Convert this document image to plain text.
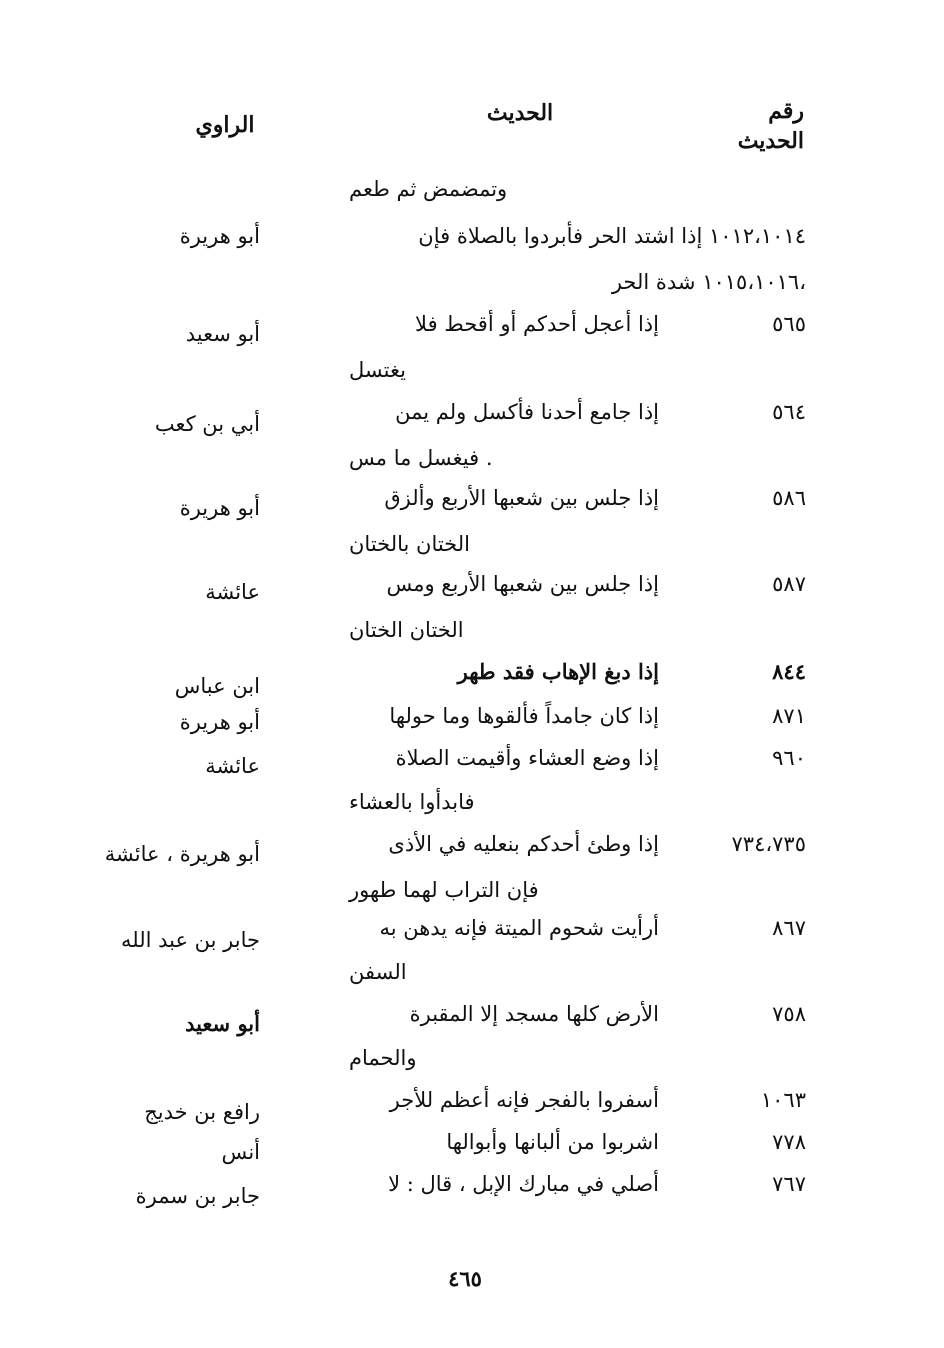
رقم
الحديث
الحديث
الراوي
وتمضمض ثم طعم
١٠١٢،١٠١٤ إذا اشتد الحر فأبردوا بالصلاة فإن
أبو هريرة
،١٠١٥،١٠١٦ شدة الحر
٥٦٥
إذا أعجل أحدكم أو أقحط فلا
يغتسل
أبو سعيد
٥٦٤
إذا جامع أحدنا فأكسل ولم يمن
. فيغسل ما مس
أبي بن كعب
٥٨٦
إذا جلس بين شعبها الأربع وألزق
الختان بالختان
أبو هريرة
٥٨٧
إذا جلس بين شعبها الأربع ومس
الختان الختان
عائشة
٨٤٤
إذا دبغ الإهاب فقد طهر
ابن عباس
٨٧١
إذا كان جامداً فألقوها وما حولها
أبو هريرة
٩٦٠
إذا وضع العشاء وأقيمت الصلاة
فابدأوا بالعشاء
عائشة
٧٣٤،٧٣٥
إذا وطئ أحدكم بنعليه في الأذى
فإن التراب لهما طهور
أبو هريرة ، عائشة
٨٦٧
أرأيت شحوم الميتة فإنه يدهن به
السفن
جابر بن عبد الله
٧٥٨
الأرض كلها مسجد إلا المقبرة
والحمام
أبو سعيد
١٠٦٣
أسفروا بالفجر فإنه أعظم للأجر
رافع بن خديج
٧٧٨
اشربوا من ألبانها وأبوالها
أنس
٧٦٧
أصلي في مبارك الإبل ، قال : لا
جابر بن سمرة
٤٦٥
